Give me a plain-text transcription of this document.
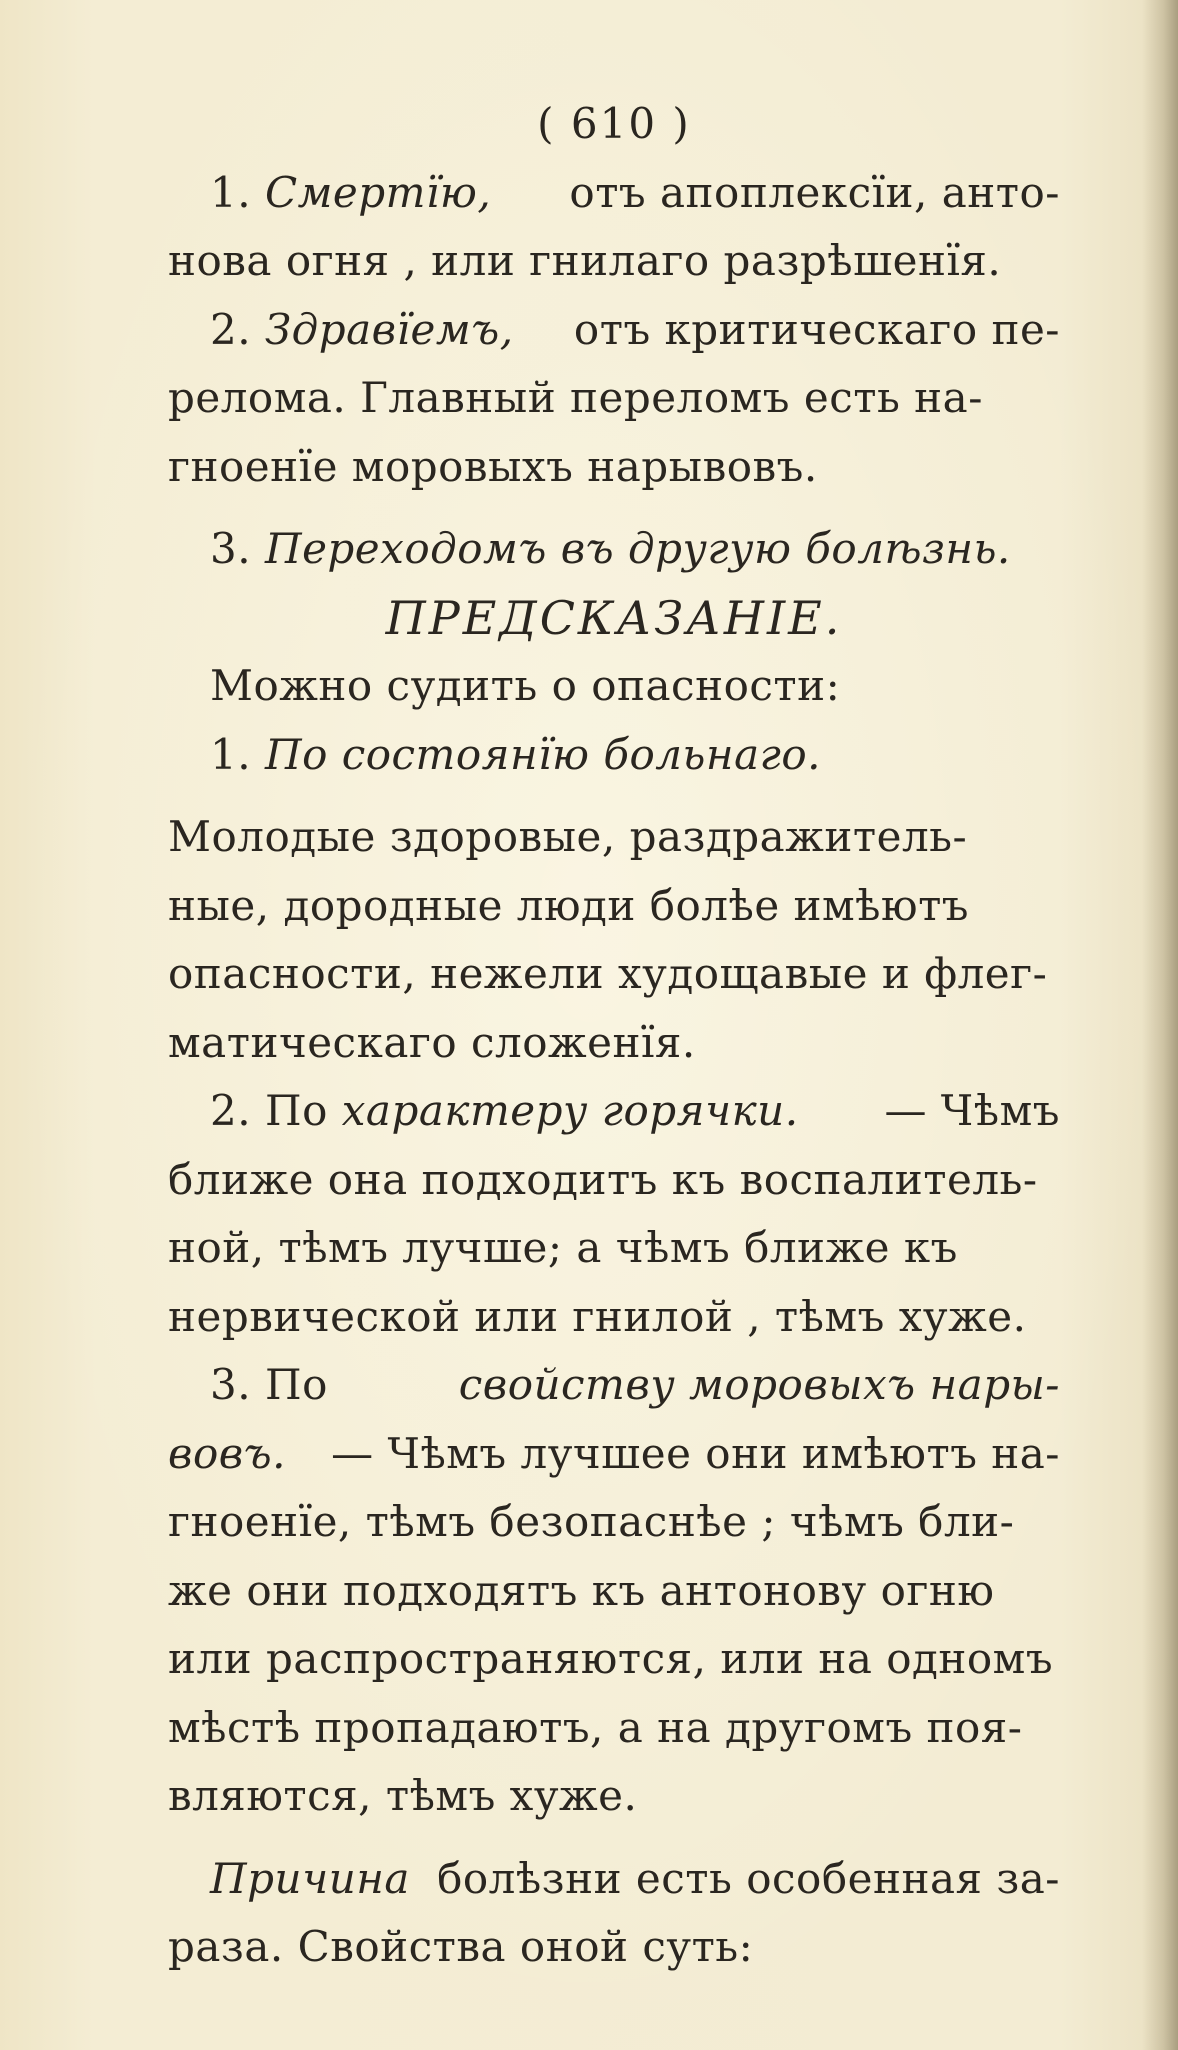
( 610 )
1. Смертїю, отъ апоплексїи, анто-
нова огня , или гнилаго разрѣшенїя.
2. Здравїемъ, отъ критическаго пе-
релома. Главный переломъ есть на-
гноенїе моровыхъ нарывовъ.
3. Переходомъ въ другую болѣзнь.
ПРЕДСКАЗАНIЕ.
Можно судить о опасности:
1. По состоянїю больнаго.
Молодые здоровые, раздражитель-
ные, дородные люди болѣе имѣютъ
опасности, нежели худощавые и флег-
матическаго сложенїя.
2. По характеру горячки. — Чѣмъ
ближе она подходитъ къ воспалитель-
ной, тѣмъ лучше; а чѣмъ ближе къ
нервической или гнилой , тѣмъ хуже.
3. По	свойству моровыхъ нары-
вовъ. — Чѣмъ лучшее они имѣютъ на-
гноенїе, тѣмъ безопаснѣе ; чѣмъ бли-
же они подходятъ къ антонову огню
или распространяются, или на одномъ
мѣстѣ пропадаютъ, а на другомъ поя-
вляются, тѣмъ хуже.
Причина болѣзни есть особенная за-
раза. Свойства оной суть:
